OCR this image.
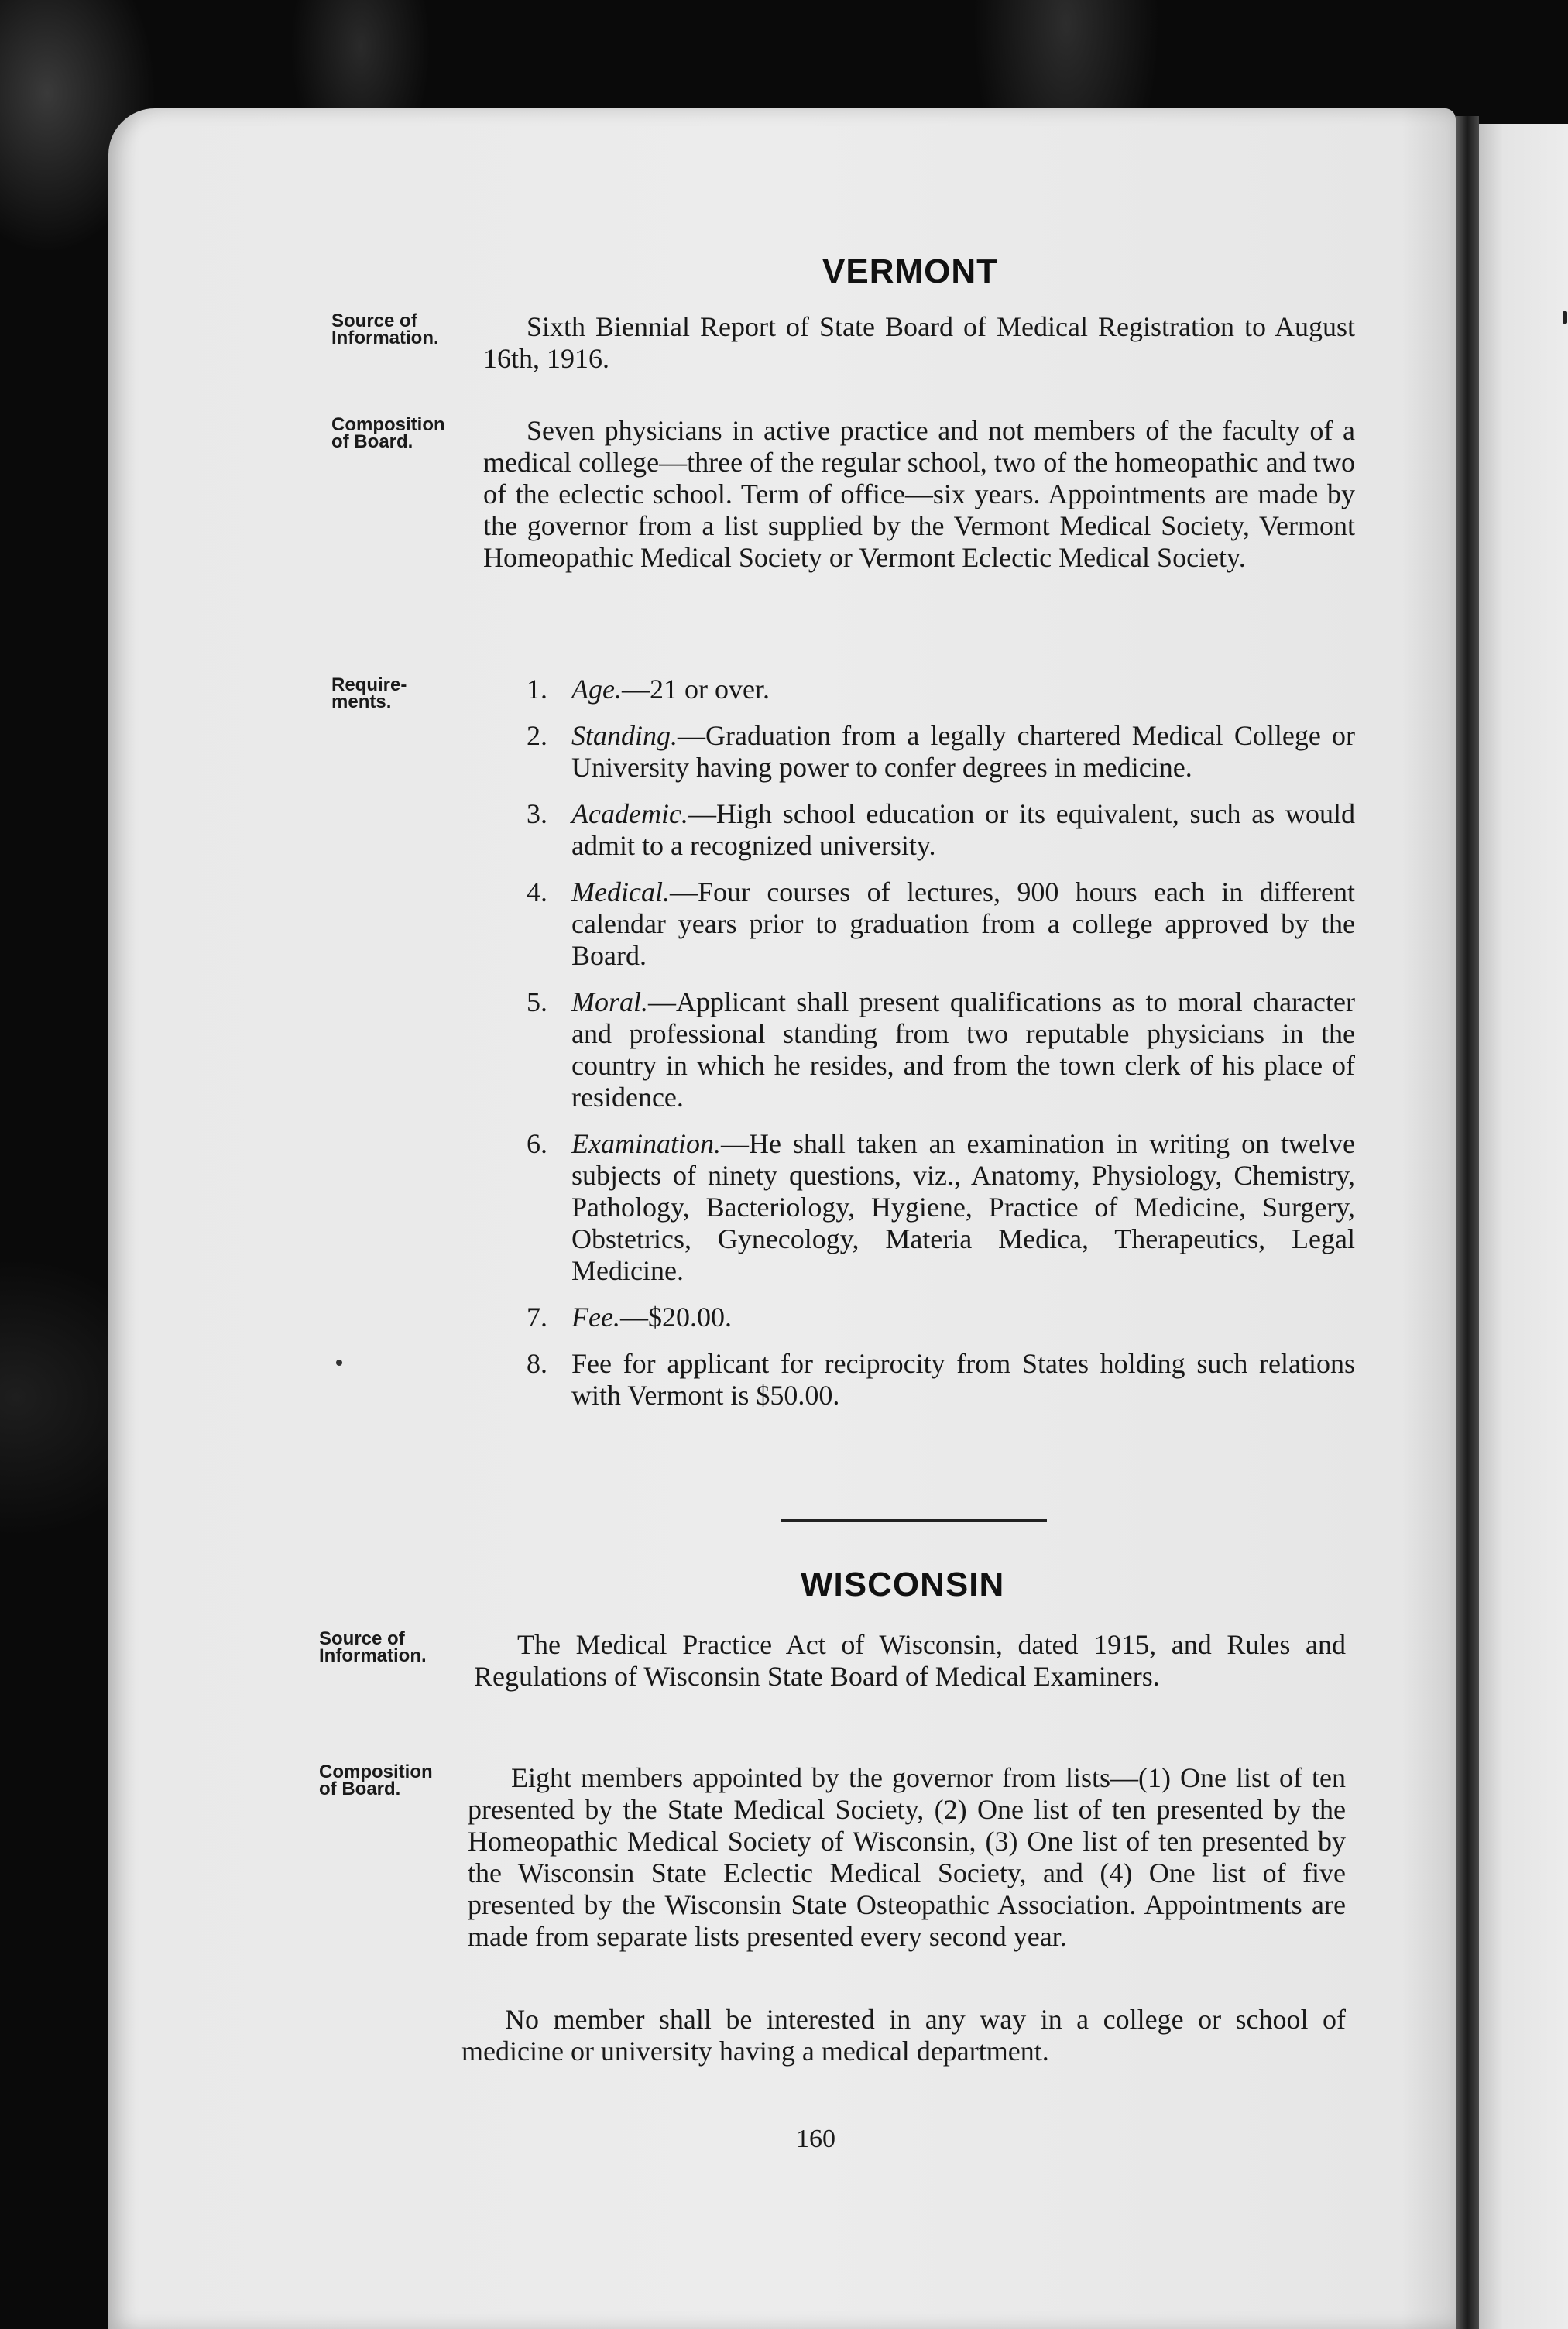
VERMONT
Source of
Information.	Sixth Biennial Report of State Board of Medical Registration to August 16th, 1916.
Composition
of Board.	Seven physicians in active practice and not members of the faculty of a medical college—three of the regular school, two of the homeopathic and two of the eclectic school. Term of office—six years. Appointments are made by the governor from a list supplied by the Vermont Medical Society, Vermont Homeopathic Medical Society or Vermont Eclectic Medical Society.
Require-
ments.	1. Age.—21 or over.
2. Standing.—Graduation from a legally chartered Medical College or University having power to confer degrees in medicine.
3. Academic.—High school education or its equivalent, such as would admit to a recognized university.
4. Medical.—Four courses of lectures, 900 hours each in different calendar years prior to graduation from a college approved by the Board.
5. Moral.—Applicant shall present qualifications as to moral character and professional standing from two reputable physicians in the country in which he resides, and from the town clerk of his place of residence.
6. Examination.—He shall taken an examination in writing on twelve subjects of ninety questions, viz., Anatomy, Physiology, Chemistry, Pathology, Bacteriology, Hygiene, Practice of Medicine, Surgery, Obstetrics, Gynecology, Materia Medica, Therapeutics, Legal Medicine.
7. Fee.—$20.00.
8. Fee for applicant for reciprocity from States holding such relations with Vermont is $50.00.
WISCONSIN
Source of
Information.	The Medical Practice Act of Wisconsin, dated 1915, and Rules and Regulations of Wisconsin State Board of Medical Examiners.
Composition
of Board.	Eight members appointed by the governor from lists—(1) One list of ten presented by the State Medical Society, (2) One list of ten presented by the Homeopathic Medical Society of Wisconsin, (3) One list of ten presented by the Wisconsin State Eclectic Medical Society, and (4) One list of five presented by the Wisconsin State Osteopathic Association. Appointments are made from separate lists presented every second year.
No member shall be interested in any way in a college or school of medicine or university having a medical department.
160
